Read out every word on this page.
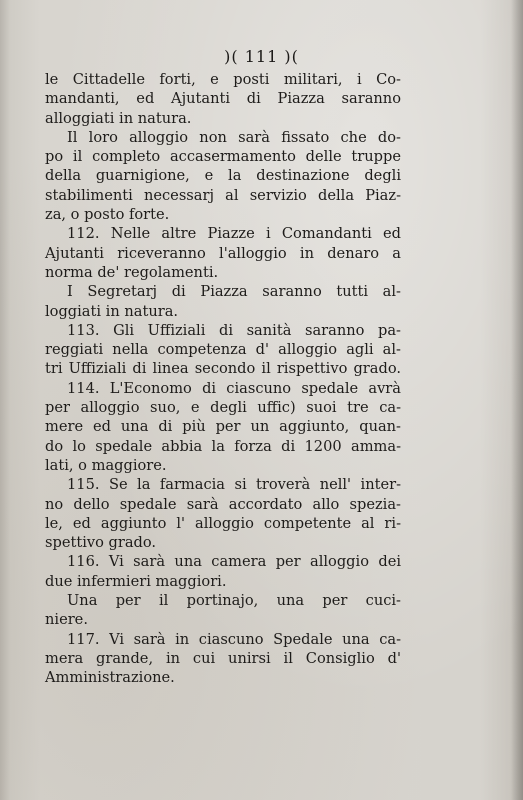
)( 111 )(
le Cittadelle forti, e posti militari, i Co-
mandanti, ed Ajutanti di Piazza saranno
alloggiati in natura.
Il loro alloggio non sarà fissato che do-
po il completo accasermamento delle truppe
della guarnigione, e la destinazione degli
stabilimenti necessarj al servizio della Piaz-
za, o posto forte.
112. Nelle altre Piazze i Comandanti ed
Ajutanti riceveranno l'alloggio in denaro a
norma de' regolamenti.
I Segretarj di Piazza saranno tutti al-
loggiati in natura.
113. Gli Uffiziali di sanità saranno pa-
reggiati nella competenza d' alloggio agli al-
tri Uffiziali di linea secondo il rispettivo grado.
114. L'Economo di ciascuno spedale avrà
per alloggio suo, e degli uffic) suoi tre ca-
mere ed una di più per un aggiunto, quan-
do lo spedale abbia la forza di 1200 amma-
lati, o maggiore.
115. Se la farmacia si troverà nell' inter-
no dello spedale sarà accordato allo spezia-
le, ed aggiunto l' alloggio competente al ri-
spettivo grado.
116. Vi sarà una camera per alloggio dei
due infermieri maggiori.
Una per il portinajo, una per cuci-
niere.
117. Vi sarà in ciascuno Spedale una ca-
mera grande, in cui unirsi il Consiglio d'
Amministrazione.
